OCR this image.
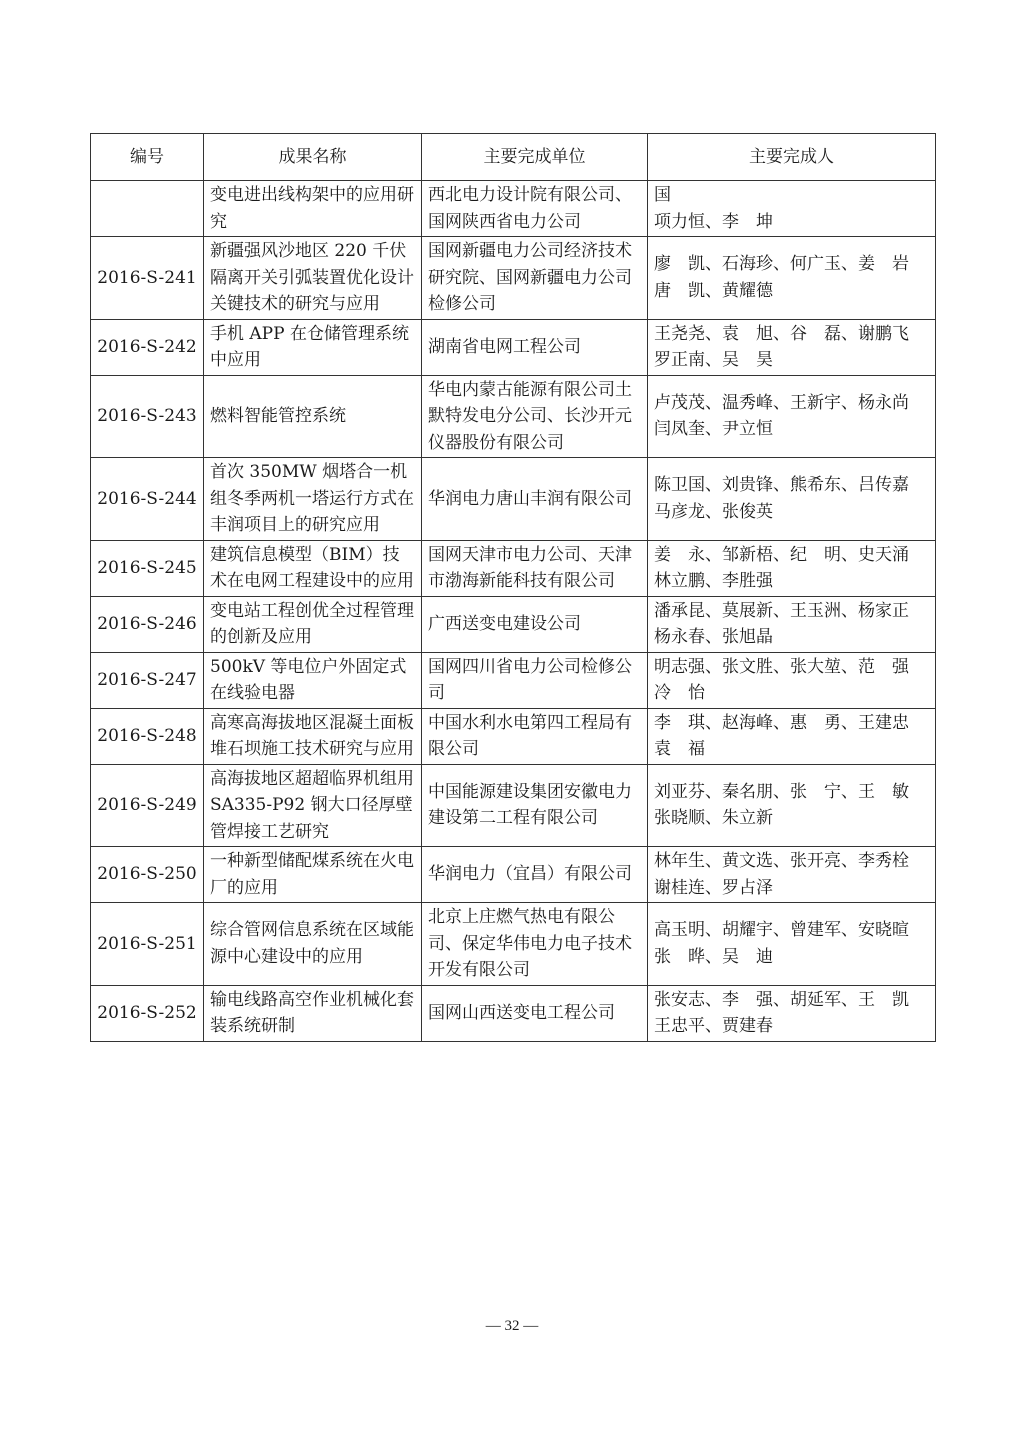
编号	成果名称	主要完成单位	主要完成人
	变电进出线构架中的应用研究	西北电力设计院有限公司、国网陕西省电力公司	国
项力恒、李　坤
2016-S-241	新疆强风沙地区 220 千伏隔离开关引弧装置优化设计关键技术的研究与应用	国网新疆电力公司经济技术研究院、国网新疆电力公司检修公司	廖　凯、石海珍、何广玉、姜　岩
唐　凯、黄耀德
2016-S-242	手机 APP 在仓储管理系统中应用	湖南省电网工程公司	王尧尧、袁　旭、谷　磊、谢鹏飞
罗正南、吴　昊
2016-S-243	燃料智能管控系统	华电内蒙古能源有限公司土默特发电分公司、长沙开元仪器股份有限公司	卢茂茂、温秀峰、王新宇、杨永尚
闫凤奎、尹立恒
2016-S-244	首次 350MW 烟塔合一机组冬季两机一塔运行方式在丰润项目上的研究应用	华润电力唐山丰润有限公司	陈卫国、刘贵锋、熊希东、吕传嘉
马彦龙、张俊英
2016-S-245	建筑信息模型（BIM）技术在电网工程建设中的应用	国网天津市电力公司、天津市渤海新能科技有限公司	姜　永、邹新梧、纪　明、史天涌
林立鹏、李胜强
2016-S-246	变电站工程创优全过程管理的创新及应用	广西送变电建设公司	潘承昆、莫展新、王玉洲、杨家正
杨永春、张旭晶
2016-S-247	500kV 等电位户外固定式在线验电器	国网四川省电力公司检修公司	明志强、张文胜、张大堃、范　强
冷　怡
2016-S-248	高寒高海拔地区混凝土面板堆石坝施工技术研究与应用	中国水利水电第四工程局有限公司	李　琪、赵海峰、惠　勇、王建忠
袁　福
2016-S-249	高海拔地区超超临界机组用 SA335-P92 钢大口径厚壁管焊接工艺研究	中国能源建设集团安徽电力建设第二工程有限公司	刘亚芬、秦名朋、张　宁、王　敏
张晓顺、朱立新
2016-S-250	一种新型储配煤系统在火电厂的应用	华润电力（宜昌）有限公司	林年生、黄文选、张开亮、李秀栓
谢桂连、罗占泽
2016-S-251	综合管网信息系统在区域能源中心建设中的应用	北京上庄燃气热电有限公司、保定华伟电力电子技术开发有限公司	高玉明、胡耀宇、曾建军、安晓暄
张　晔、吴　迪
2016-S-252	输电线路高空作业机械化套装系统研制	国网山西送变电工程公司	张安志、李　强、胡延军、王　凯
王忠平、贾建春
— 32 —
